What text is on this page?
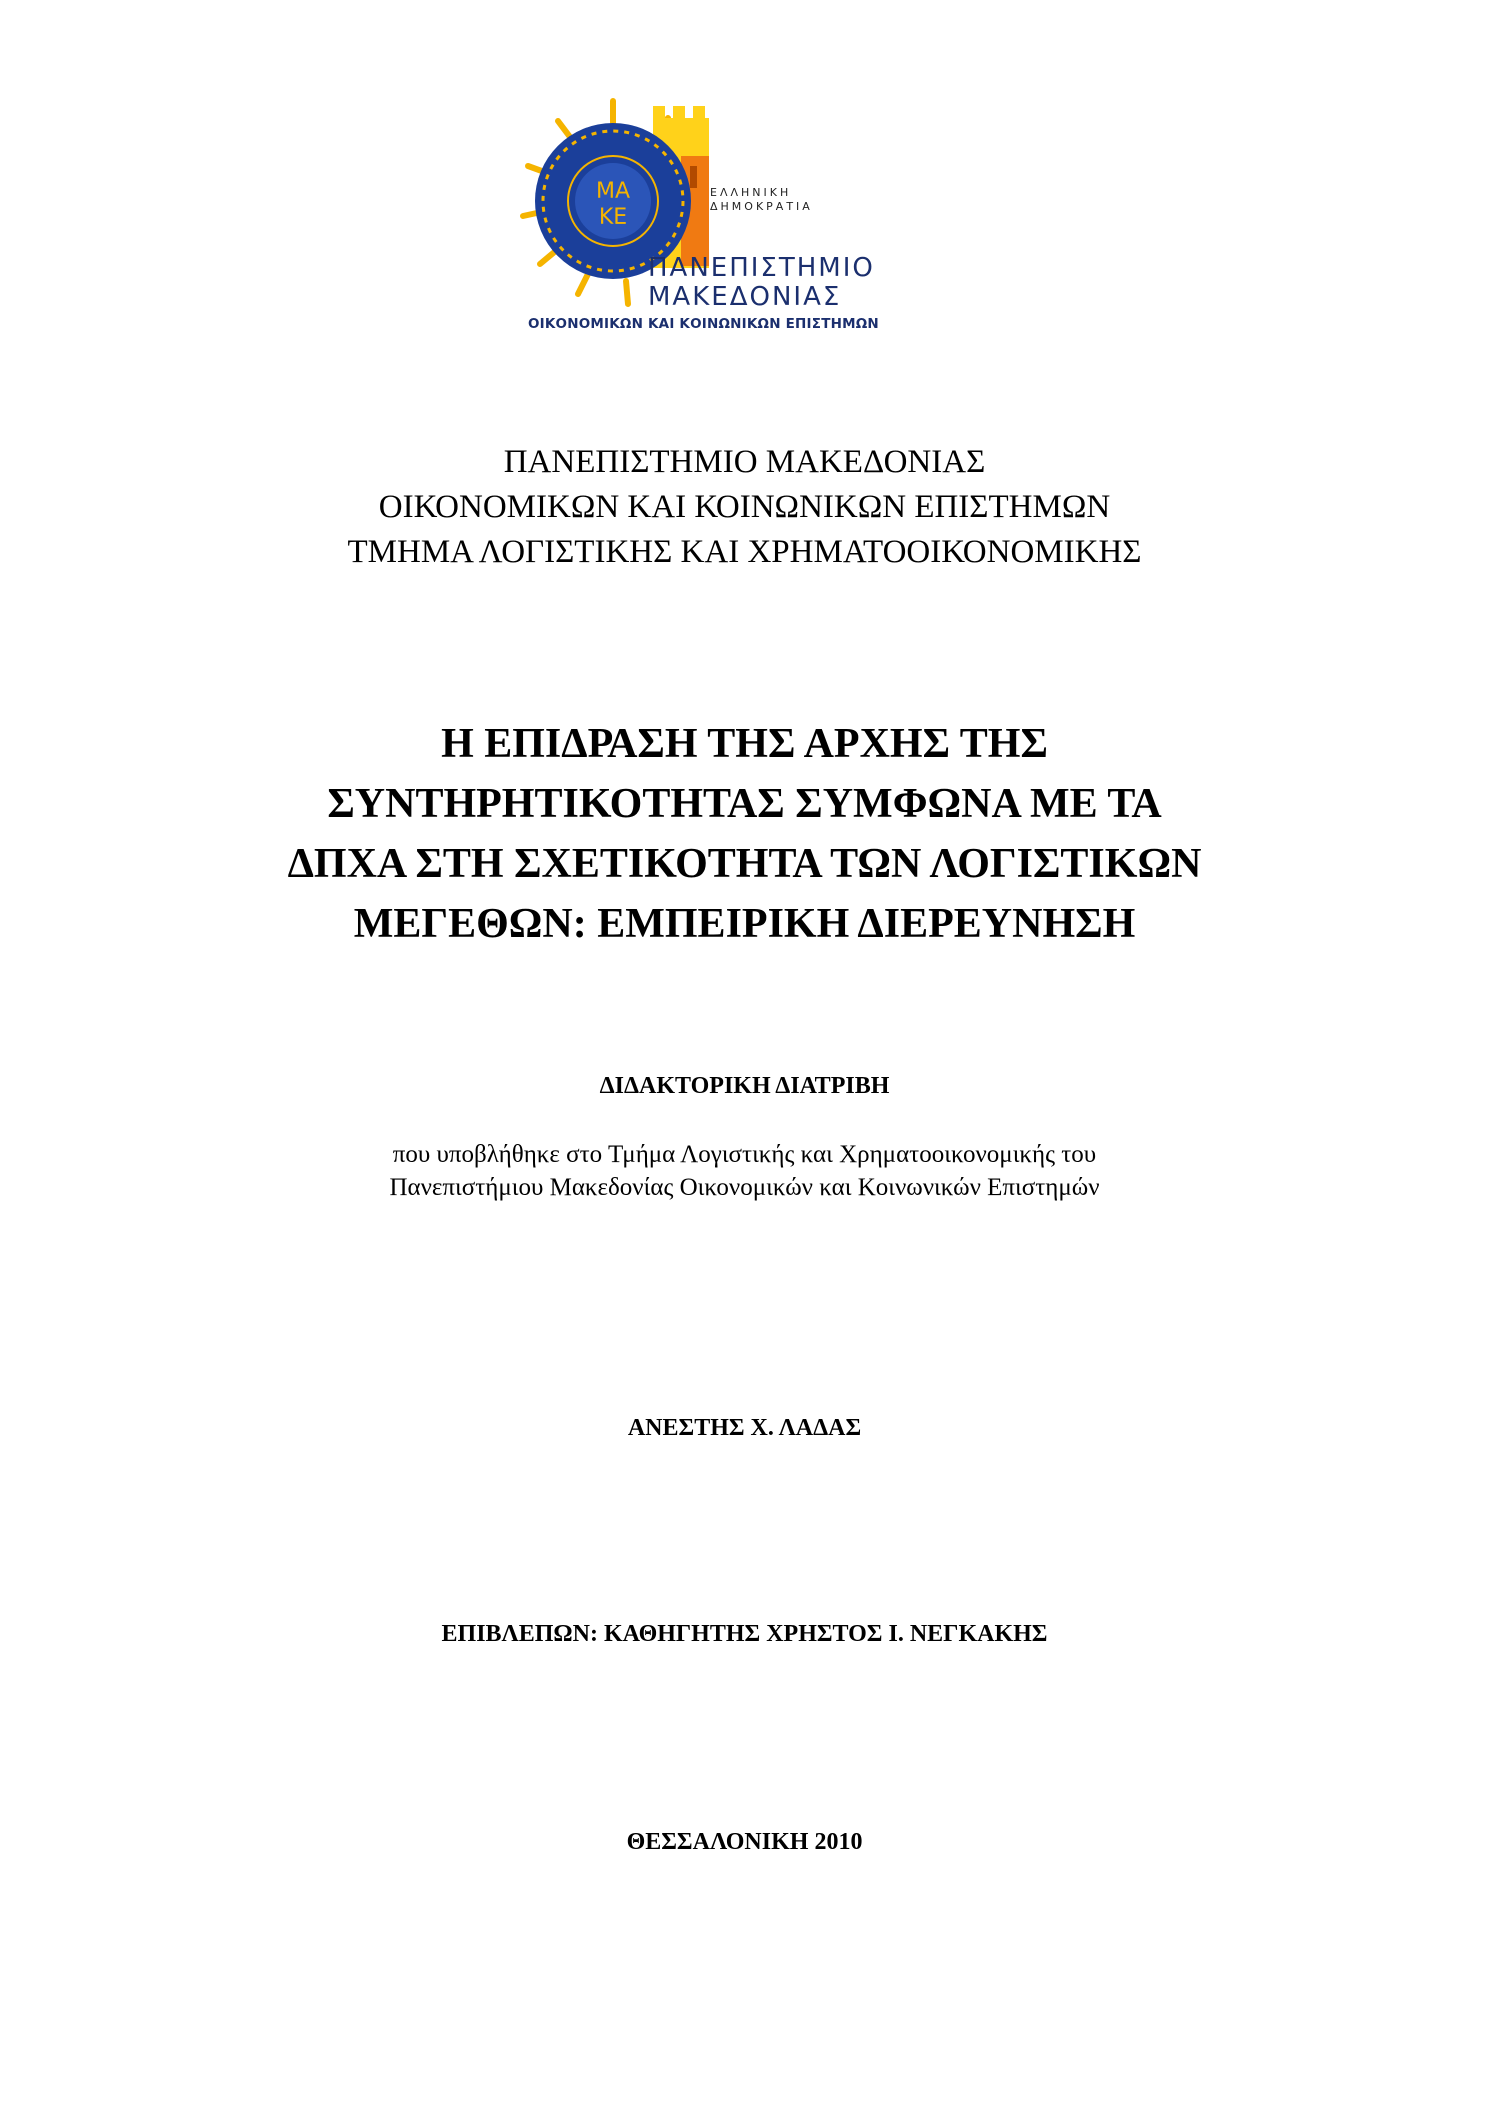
ΜΑ
ΚΕ
ΕΛΛΗΝΙΚΗ
ΔΗΜΟΚΡΑΤΙΑ
ΠΑΝΕΠΙΣΤΗΜΙΟ
ΜΑΚΕΔΟΝΙΑΣ
ΟΙΚΟΝΟΜΙΚΩΝ ΚΑΙ ΚΟΙΝΩΝΙΚΩΝ ΕΠΙΣΤΗΜΩΝ
ΠΑΝΕΠΙΣΤΗΜΙΟ ΜΑΚΕΔΟΝΙΑΣ
ΟΙΚΟΝΟΜΙΚΩΝ ΚΑΙ ΚΟΙΝΩΝΙΚΩΝ ΕΠΙΣΤΗΜΩΝ
ΤΜΗΜΑ ΛΟΓΙΣΤΙΚΗΣ ΚΑΙ ΧΡΗΜΑΤΟΟΙΚΟΝΟΜΙΚΗΣ
Η ΕΠΙΔΡΑΣΗ ΤΗΣ ΑΡΧΗΣ ΤΗΣ
ΣΥΝΤΗΡΗΤΙΚΟΤΗΤΑΣ ΣΥΜΦΩΝΑ ΜΕ ΤΑ
ΔΠΧΑ ΣΤΗ ΣΧΕΤΙΚΟΤΗΤΑ ΤΩΝ ΛΟΓΙΣΤΙΚΩΝ
ΜΕΓΕΘΩΝ: ΕΜΠΕΙΡΙΚΗ ΔΙΕΡΕΥΝΗΣΗ
ΔΙΔΑΚΤΟΡΙΚΗ ΔΙΑΤΡΙΒΗ
που υποβλήθηκε στο Τμήμα Λογιστικής και Χρηματοοικονομικής του
Πανεπιστήμιου Μακεδονίας Οικονομικών και Κοινωνικών Επιστημών
ΑΝΕΣΤΗΣ Χ. ΛΑΔΑΣ
ΕΠΙΒΛΕΠΩΝ: ΚΑΘΗΓΗΤΗΣ ΧΡΗΣΤΟΣ Ι. ΝΕΓΚΑΚΗΣ
ΘΕΣΣΑΛΟΝΙΚΗ 2010
